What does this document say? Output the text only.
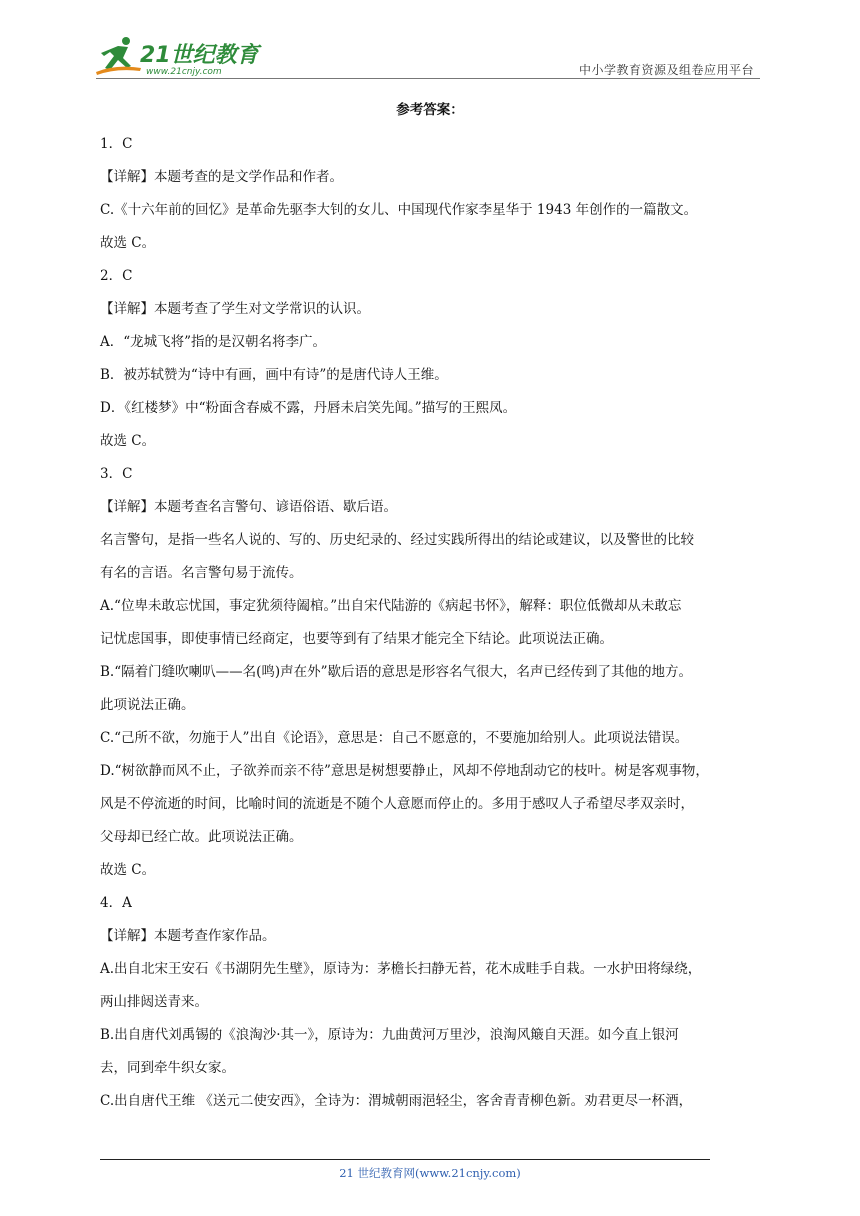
21世纪教育
www.21cnjy.com	中小学教育资源及组卷应用平台
参考答案：
1．C
【详解】本题考查的是文学作品和作者。
C.《十六年前的回忆》是革命先驱李大钊的女儿、中国现代作家李星华于 1943 年创作的一篇散文。
故选 C。
2．C
【详解】本题考查了学生对文学常识的认识。
A．“龙城飞将”指的是汉朝名将李广。
B．被苏轼赞为“诗中有画，画中有诗”的是唐代诗人王维。
D．《红楼梦》中“粉面含春威不露，丹唇未启笑先闻。”描写的王熙凤。
故选 C。
3．C
【详解】本题考查名言警句、谚语俗语、歇后语。
名言警句，是指一些名人说的、写的、历史纪录的、经过实践所得出的结论或建议，以及警世的比较
有名的言语。名言警句易于流传。
A.“位卑未敢忘忧国，事定犹须待阖棺。”出自宋代陆游的《病起书怀》，解释：职位低微却从未敢忘
记忧虑国事，即使事情已经商定，也要等到有了结果才能完全下结论。此项说法正确。
B.“隔着门缝吹喇叭——名(鸣)声在外”歇后语的意思是形容名气很大，名声已经传到了其他的地方。
此项说法正确。
C.“己所不欲，勿施于人”出自《论语》，意思是：自己不愿意的，不要施加给别人。此项说法错误。
D.“树欲静而风不止，子欲养而亲不待”意思是树想要静止，风却不停地刮动它的枝叶。树是客观事物，
风是不停流逝的时间，比喻时间的流逝是不随个人意愿而停止的。多用于感叹人子希望尽孝双亲时，
父母却已经亡故。此项说法正确。
故选 C。
4．A
【详解】本题考查作家作品。
A.出自北宋王安石《书湖阴先生壁》，原诗为：茅檐长扫静无苔，花木成畦手自栽。一水护田将绿绕，
两山排闼送青来。
B.出自唐代刘禹锡的《浪淘沙·其一》，原诗为：九曲黄河万里沙，浪淘风簸自天涯。如今直上银河
去，同到牵牛织女家。
C.出自唐代王维 《送元二使安西》，全诗为：渭城朝雨浥轻尘，客舍青青柳色新。劝君更尽一杯酒，
21 世纪教育网(www.21cnjy.com)
